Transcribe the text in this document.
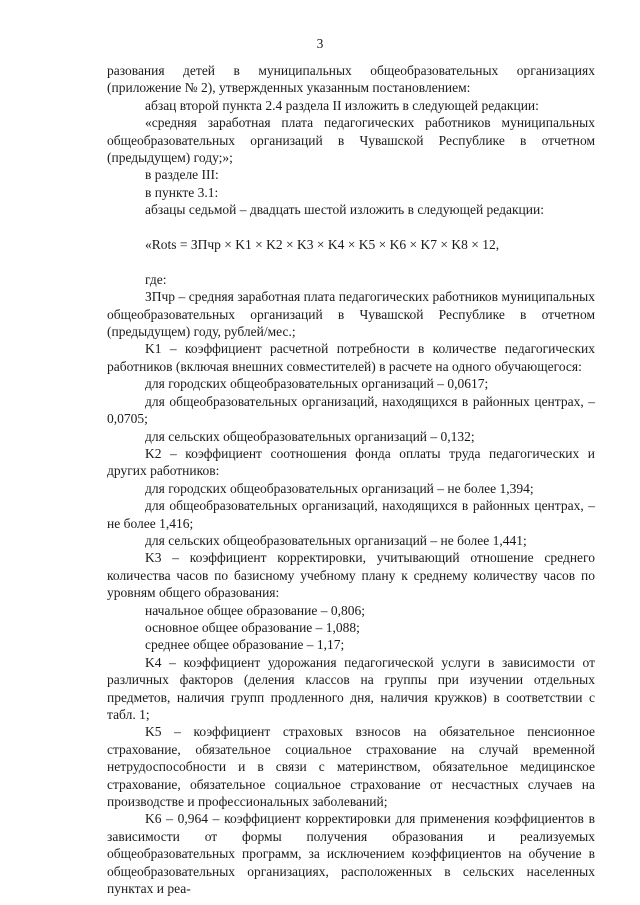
3

разования детей в муниципальных общеобразовательных организациях (приложение № 2), утвержденных указанным постановлением:

абзац второй пункта 2.4 раздела II изложить в следующей редакции:

«средняя заработная плата педагогических работников муниципальных общеобразовательных организаций в Чувашской Республике в отчетном (предыдущем) году;»;

в разделе III:

в пункте 3.1:

абзацы седьмой – двадцать шестой изложить в следующей редакции:

«Rots = ЗПчр × K1 × K2 × K3 × K4 × K5 × K6 × K7 × K8 × 12,

где:

ЗПчр – средняя заработная плата педагогических работников муниципальных общеобразовательных организаций в Чувашской Республике в отчетном (предыдущем) году, рублей/мес.;

K1 – коэффициент расчетной потребности в количестве педагогических работников (включая внешних совместителей) в расчете на одного обучающегося:

для городских общеобразовательных организаций – 0,0617;

для общеобразовательных организаций, находящихся в районных центрах, – 0,0705;

для сельских общеобразовательных организаций – 0,132;

K2 – коэффициент соотношения фонда оплаты труда педагогических и других работников:

для городских общеобразовательных организаций – не более 1,394;

для общеобразовательных организаций, находящихся в районных центрах, – не более 1,416;

для сельских общеобразовательных организаций – не более 1,441;

K3 – коэффициент корректировки, учитывающий отношение среднего количества часов по базисному учебному плану к среднему количеству часов по уровням общего образования:

начальное общее образование – 0,806;

основное общее образование – 1,088;

среднее общее образование – 1,17;

K4 – коэффициент удорожания педагогической услуги в зависимости от различных факторов (деления классов на группы при изучении отдельных предметов, наличия групп продленного дня, наличия кружков) в соответствии с табл. 1;

K5 – коэффициент страховых взносов на обязательное пенсионное страхование, обязательное социальное страхование на случай временной нетрудоспособности и в связи с материнством, обязательное медицинское страхование, обязательное социальное страхование от несчастных случаев на производстве и профессиональных заболеваний;

K6 – 0,964 – коэффициент корректировки для применения коэффициентов в зависимости от формы получения образования и реализуемых общеобразовательных программ, за исключением коэффициентов на обучение в общеобразовательных организациях, расположенных в сельских населенных пунктах и реа-
